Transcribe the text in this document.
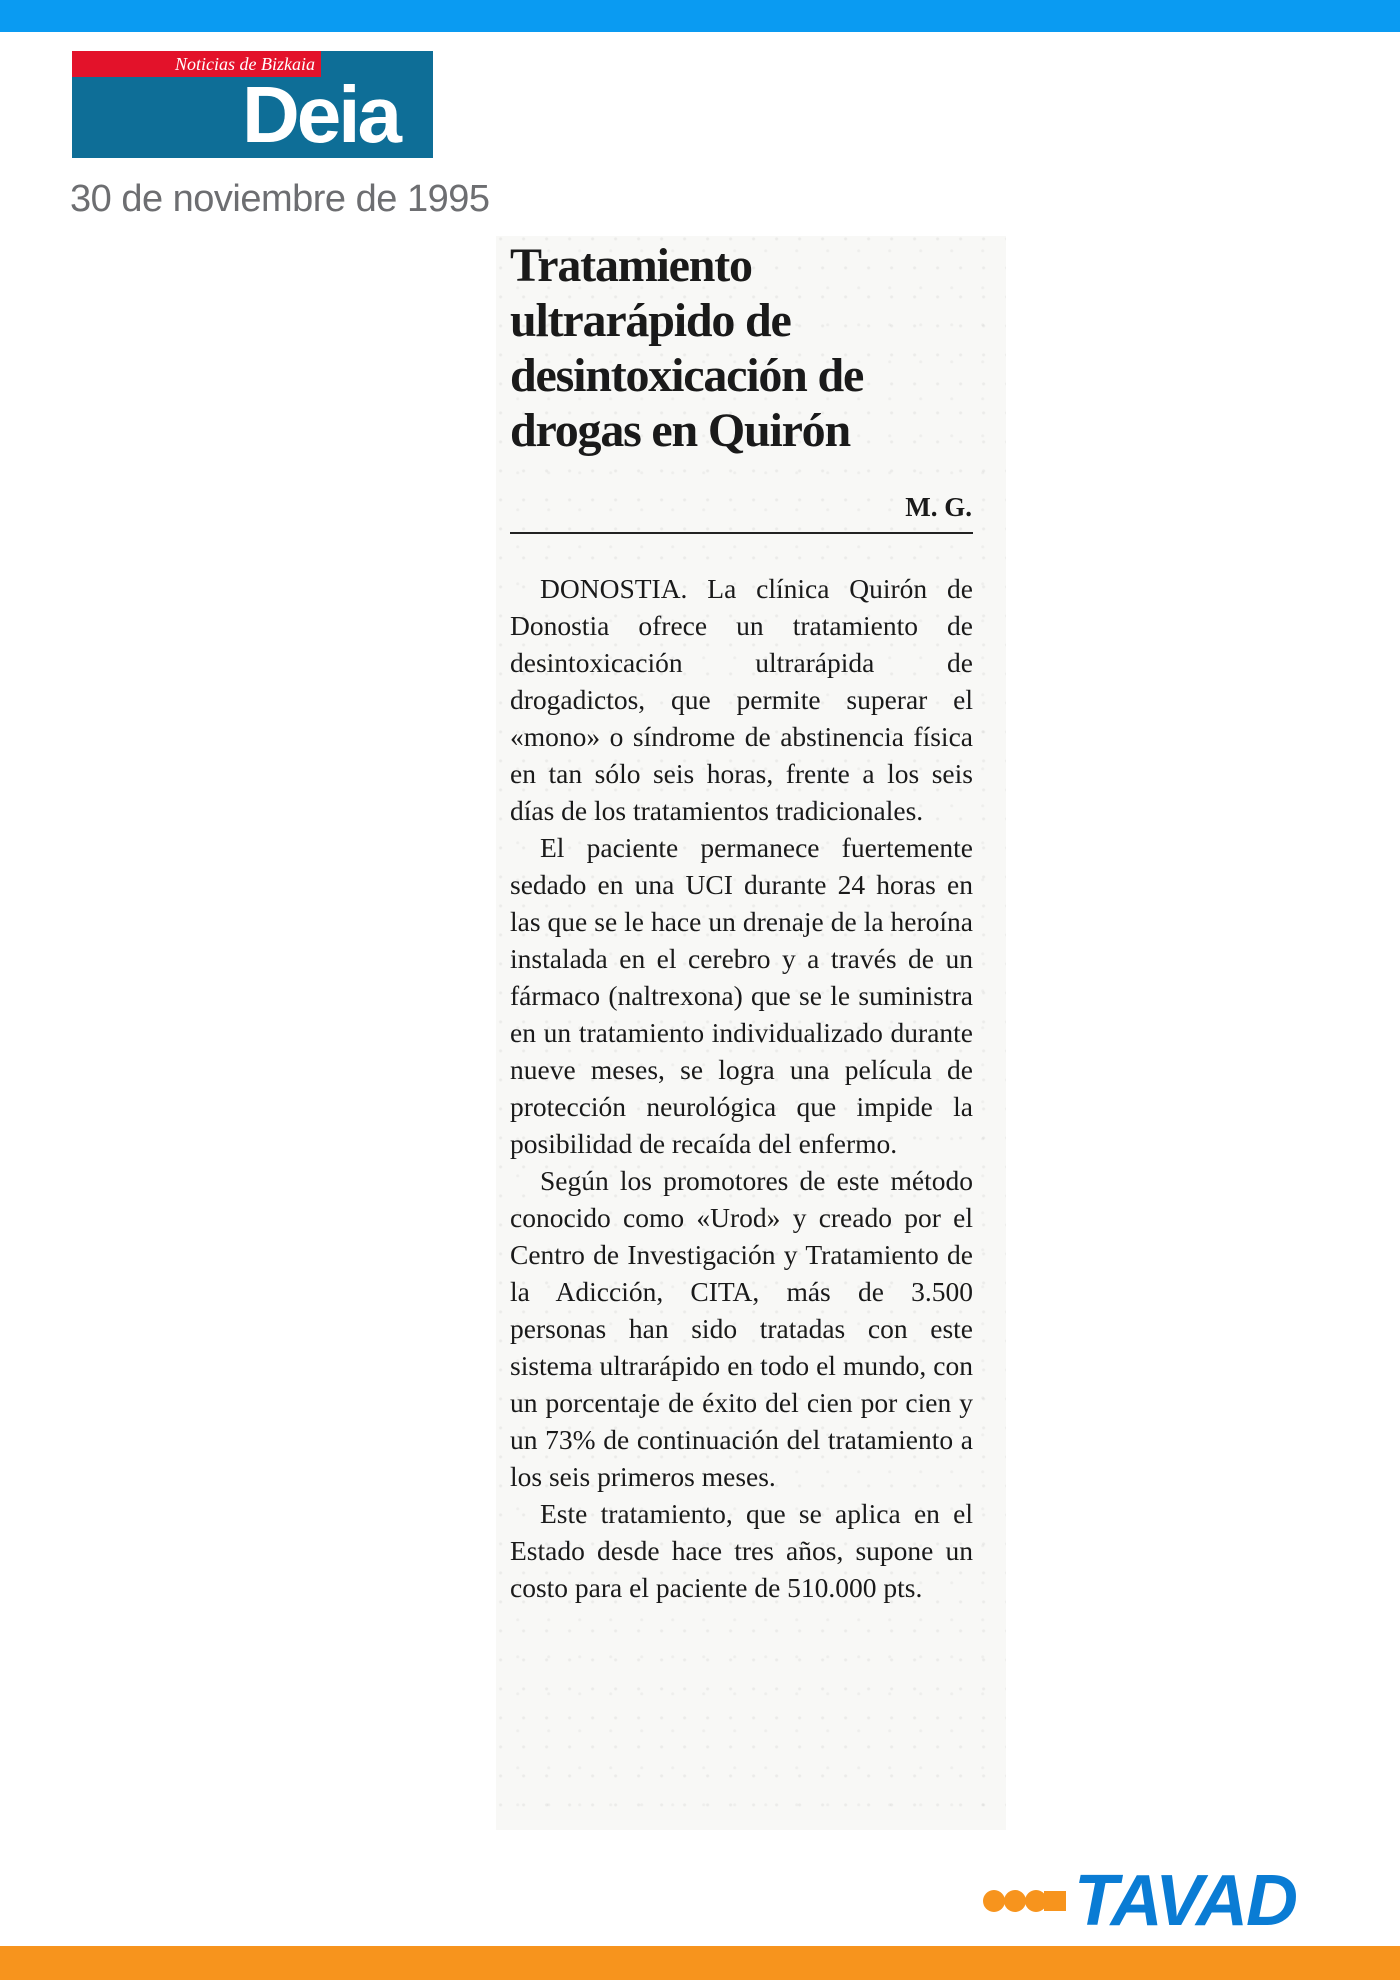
Noticias de Bizkaia
Deia
30 de noviembre de 1995
Tratamiento ultrarápido de desintoxicación de drogas en Quirón
M. G.

DONOSTIA. La clínica Quirón de Donostia ofrece un tratamiento de desintoxicación ultrarápida de drogadictos, que permite superar el «mono» o síndrome de abstinencia física en tan sólo seis horas, frente a los seis días de los tratamientos tradicionales.

El paciente permanece fuertemente sedado en una UCI durante 24 horas en las que se le hace un drenaje de la heroína instalada en el cerebro y a través de un fármaco (naltrexona) que se le suministra en un tratamiento individualizado durante nueve meses, se logra una película de protección neurológica que impide la posibilidad de recaída del enfermo.

Según los promotores de este método conocido como «Urod» y creado por el Centro de Investigación y Tratamiento de la Adicción, CITA, más de 3.500 personas han sido tratadas con este sistema ultrarápido en todo el mundo, con un porcentaje de éxito del cien por cien y un 73% de continuación del tratamiento a los seis primeros meses.

Este tratamiento, que se aplica en el Estado desde hace tres años, supone un costo para el paciente de 510.000 pts.

TAVAD
